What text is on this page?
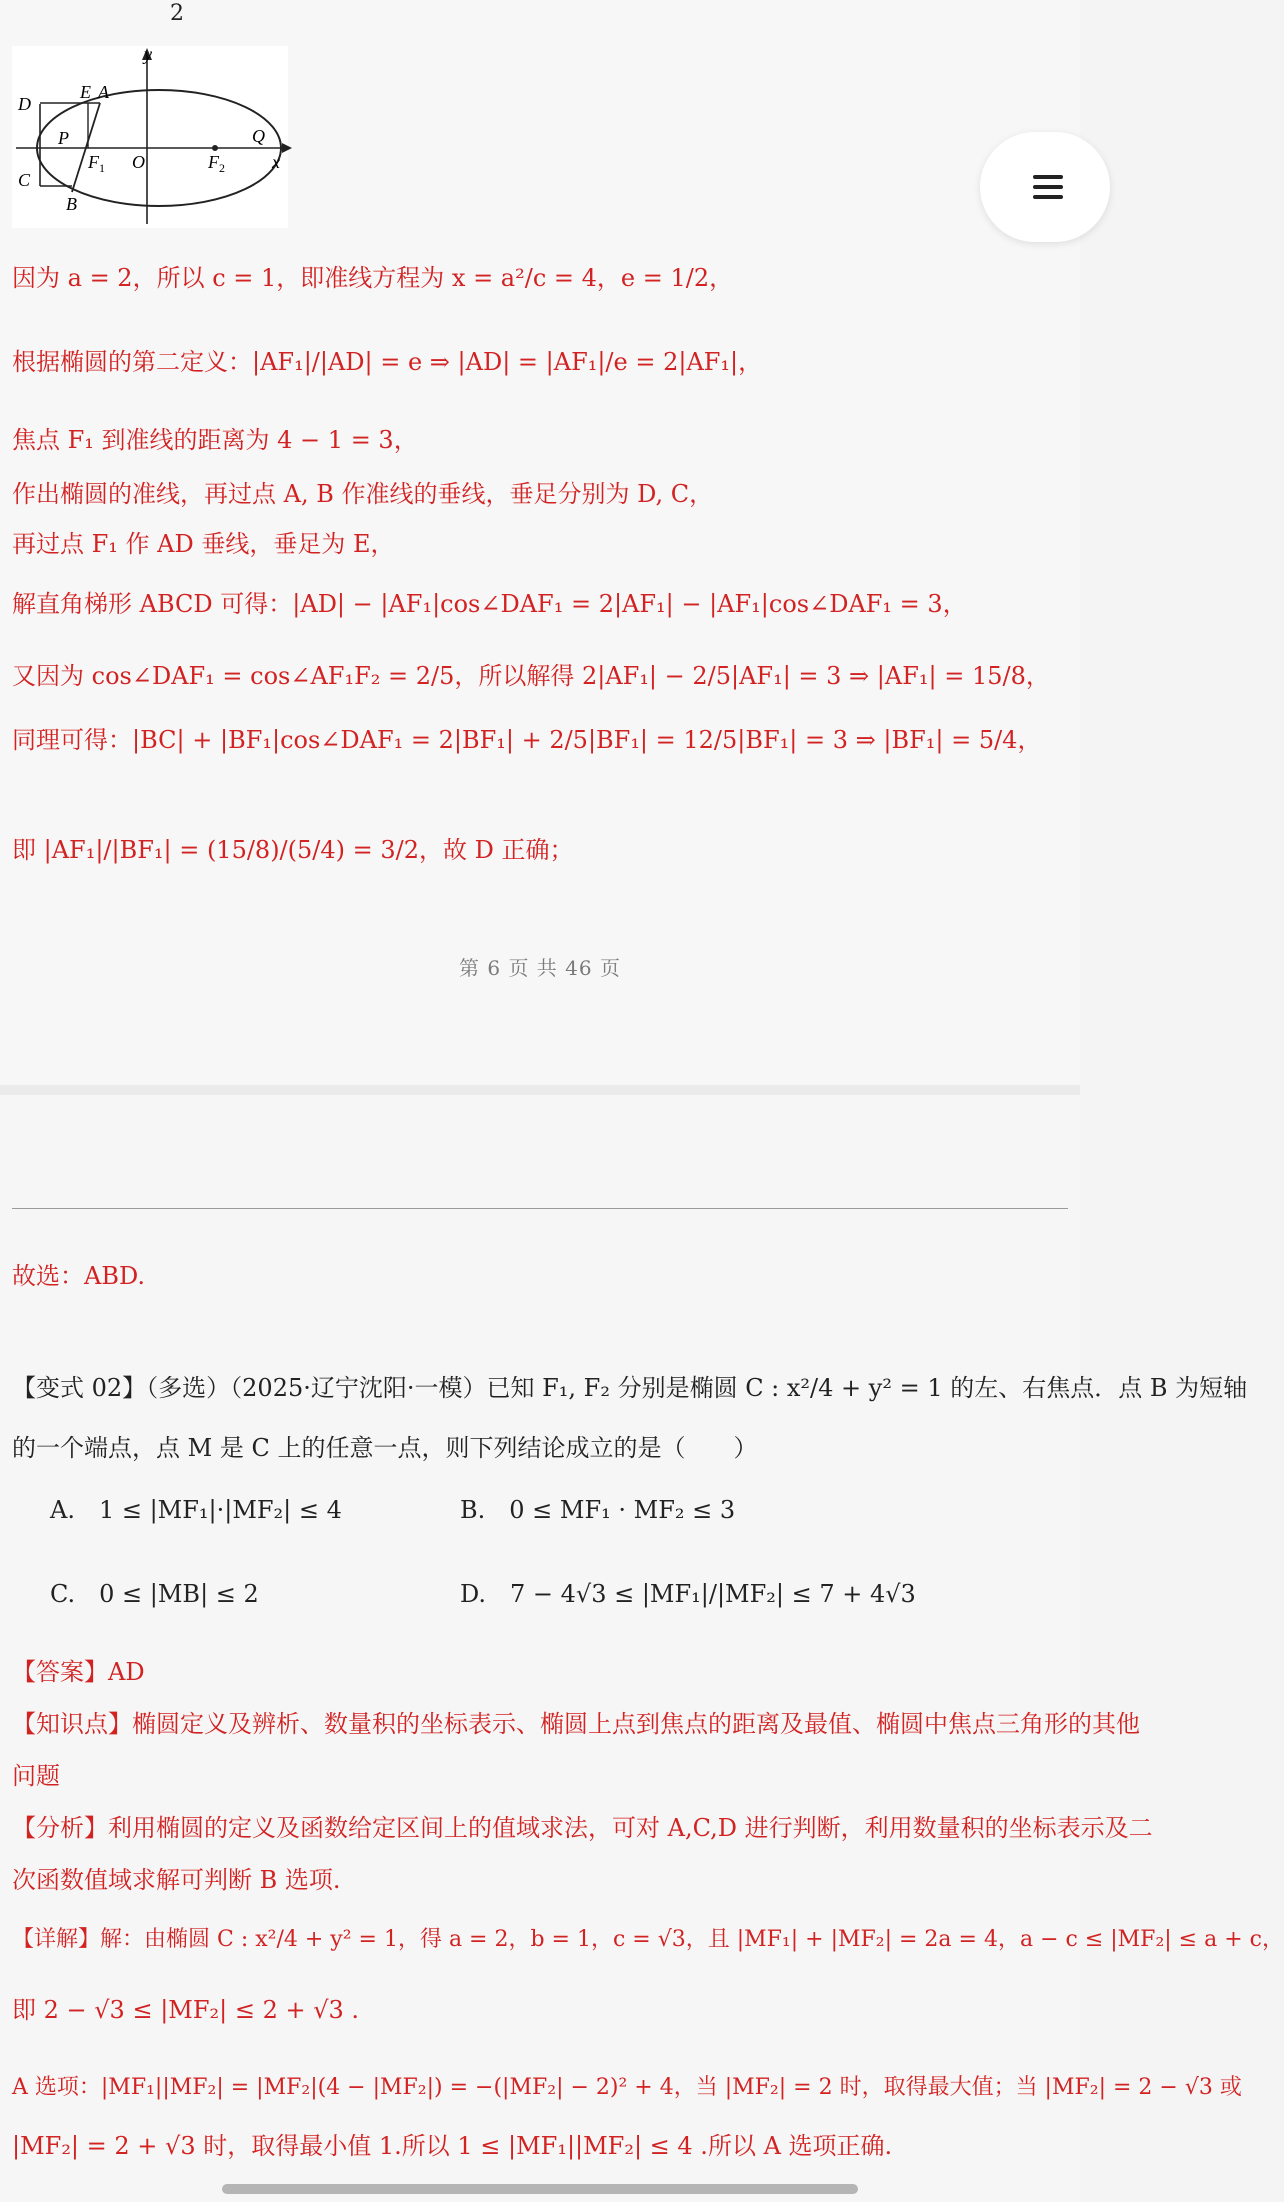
2
y
D
E A
P	Q
C
F 1 O	F 2	x
B
因为 a = 2，所以 c = 1，即准线方程为 x = a²/c = 4，e = 1/2，
根据椭圆的第二定义：|AF₁|/|AD| = e ⇒ |AD| = |AF₁|/e = 2|AF₁|，
焦点 F₁ 到准线的距离为 4 − 1 = 3，
作出椭圆的准线，再过点 A, B 作准线的垂线，垂足分别为 D, C，
再过点 F₁ 作 AD 垂线，垂足为 E，
解直角梯形 ABCD 可得：|AD| − |AF₁|cos∠DAF₁ = 2|AF₁| − |AF₁|cos∠DAF₁ = 3，
又因为 cos∠DAF₁ = cos∠AF₁F₂ = 2/5，所以解得 2|AF₁| − 2/5|AF₁| = 3 ⇒ |AF₁| = 15/8，
同理可得：|BC| + |BF₁|cos∠DAF₁ = 2|BF₁| + 2/5|BF₁| = 12/5|BF₁| = 3 ⇒ |BF₁| = 5/4，
即 |AF₁|/|BF₁| = (15/8)/(5/4) = 3/2，故 D 正确；
第 6 页 共 46 页
故选：ABD.
【变式 02】（多选）（2025·辽宁沈阳·一模）已知 F₁, F₂ 分别是椭圆 C : x²/4 + y² = 1 的左、右焦点．点 B 为短轴
的一个端点，点 M 是 C 上的任意一点，则下列结论成立的是（　　）
A.　1 ≤ |MF₁|·|MF₂| ≤ 4	B.　0 ≤ MF₁ · MF₂ ≤ 3
C.　0 ≤ |MB| ≤ 2	D.　7 − 4√3 ≤ |MF₁|/|MF₂| ≤ 7 + 4√3
【答案】AD
【知识点】椭圆定义及辨析、数量积的坐标表示、椭圆上点到焦点的距离及最值、椭圆中焦点三角形的其他
问题
【分析】利用椭圆的定义及函数给定区间上的值域求法，可对 A,C,D 进行判断，利用数量积的坐标表示及二
次函数值域求解可判断 B 选项.
【详解】解：由椭圆 C : x²/4 + y² = 1，得 a = 2，b = 1，c = √3，且 |MF₁| + |MF₂| = 2a = 4，a − c ≤ |MF₂| ≤ a + c，
即 2 − √3 ≤ |MF₂| ≤ 2 + √3 .
A 选项：|MF₁||MF₂| = |MF₂|(4 − |MF₂|) = −(|MF₂| − 2)² + 4，当 |MF₂| = 2 时，取得最大值；当 |MF₂| = 2 − √3 或
|MF₂| = 2 + √3 时，取得最小值 1.所以 1 ≤ |MF₁||MF₂| ≤ 4 .所以 A 选项正确.
